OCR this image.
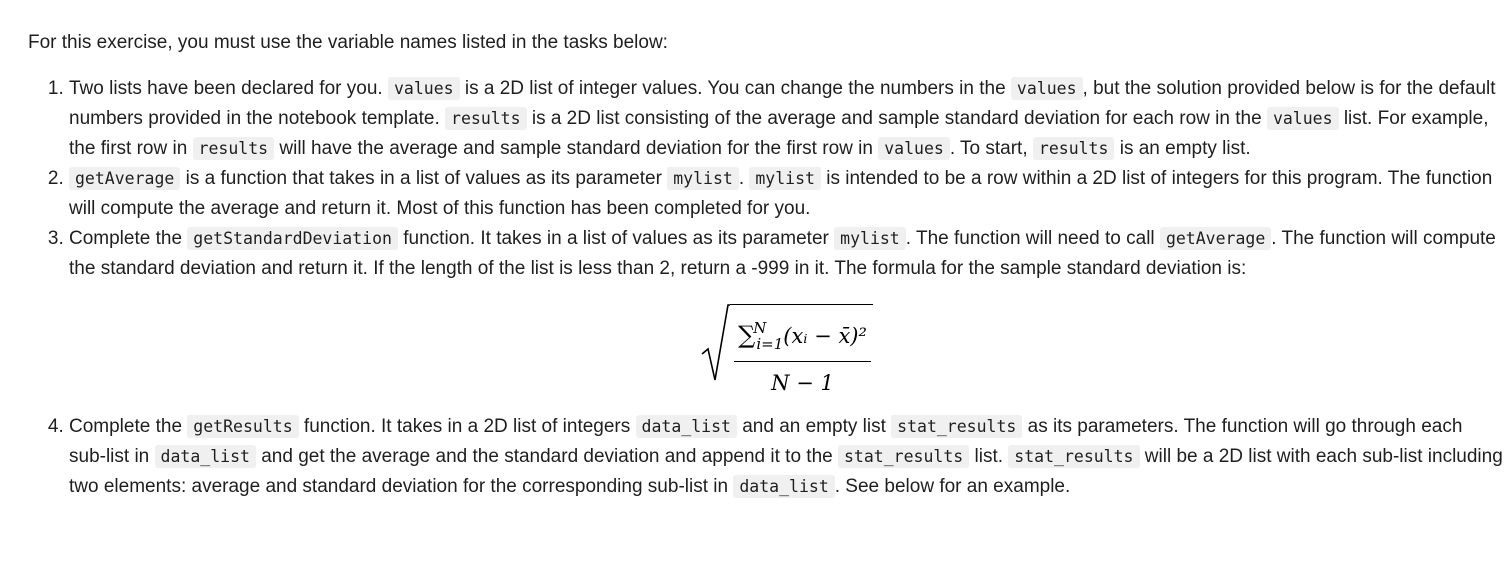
For this exercise, you must use the variable names listed in the tasks below:

1. Two lists have been declared for you. values is a 2D list of integer values. You can change the numbers in the values , but the solution provided below is for the default numbers provided in the notebook template. results is a 2D list consisting of the average and sample standard deviation for each row in the values list. For example, the first row in results will have the average and sample standard deviation for the first row in values . To start, results is an empty list.
2. getAverage is a function that takes in a list of values as its parameter mylist . mylist is intended to be a row within a 2D list of integers for this program. The function will compute the average and return it. Most of this function has been completed for you.
3. Complete the getStandardDeviation function. It takes in a list of values as its parameter mylist . The function will need to call getAverage . The function will compute the standard deviation and return it. If the length of the list is less than 2, return a -999 in it. The formula for the sample standard deviation is:
∑Ni=1(xᵢ − x̄)²
N − 1
4. Complete the getResults function. It takes in a 2D list of integers data_list and an empty list stat_results as its parameters. The function will go through each sub-list in data_list and get the average and the standard deviation and append it to the stat_results list. stat_results will be a 2D list with each sub-list including two elements: average and standard deviation for the corresponding sub-list in data_list . See below for an example.
